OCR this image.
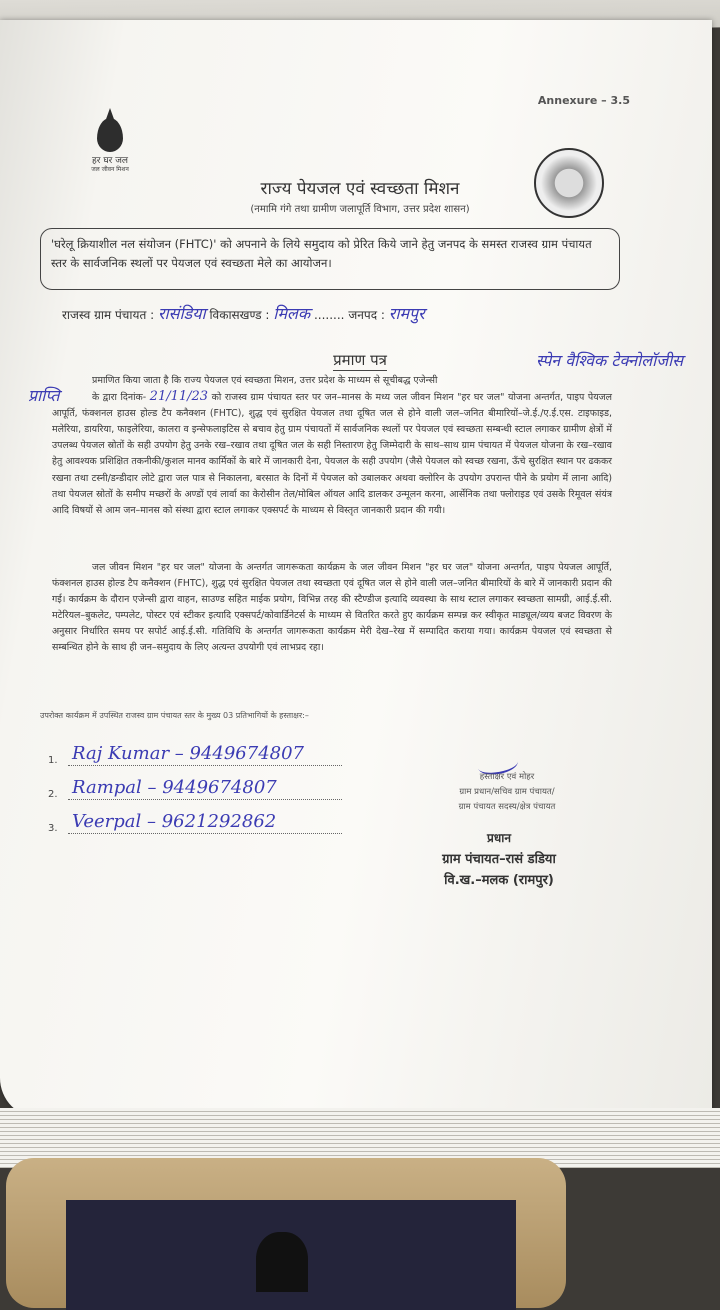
Annexure – 3.5
हर घर जल
जल जीवन मिशन
राज्य पेयजल एवं स्वच्छता मिशन
(नमामि गंगे तथा ग्रामीण जलापूर्ति विभाग, उत्तर प्रदेश शासन)
'घरेलू क्रियाशील नल संयोजन (FHTC)' को अपनाने के लिये समुदाय को प्रेरित किये जाने हेतु जनपद के समस्त राजस्व ग्राम पंचायत स्तर के सार्वजनिक स्थलों पर पेयजल एवं स्वच्छता मेले का आयोजन।
राजस्व ग्राम पंचायत : रासंडिया विकासखण्ड : मिलक ........ जनपद : रामपुर
प्रमाण पत्र	स्पेन वैश्विक टेक्नोलॉजीस
प्राप्ति
प्रमाणित किया जाता है कि राज्य पेयजल एवं स्वच्छता मिशन, उत्तर प्रदेश के माध्यम से सूचीबद्ध एजेन्सी
के द्वारा दिनांक- 21/11/23 को राजस्व ग्राम पंचायत स्तर पर जन–मानस के मध्य जल जीवन मिशन "हर घर जल" योजना अन्तर्गत, पाइप पेयजल आपूर्ति, फंक्शनल हाउस होल्ड टैप कनैक्शन (FHTC), शुद्ध एवं सुरक्षित पेयजल तथा दूषित जल से होने वाली जल–जनित बीमारियों–जे.ई./ए.ई.एस. टाइफाइड, मलेरिया, डायरिया, फाइलेरिया, कालरा व इन्सेफलाइटिस से बचाव हेतु ग्राम पंचायतों में सार्वजनिक स्थलों पर पेयजल एवं स्वच्छता सम्बन्धी स्टाल लगाकर ग्रामीण क्षेत्रों में उपलब्ध पेयजल स्रोतों के सही उपयोग हेतु उनके रख–रखाव तथा दूषित जल के सही निस्तारण हेतु जिम्मेदारी के साथ–साथ ग्राम पंचायत में पेयजल योजना के रख–रखाव हेतु आवश्यक प्रशिक्षित तकनीकी/कुशल मानव कार्मिकों के बारे में जानकारी देना, पेयजल के सही उपयोग (जैसे पेयजल को स्वच्छ रखना, ऊँचे सुरक्षित स्थान पर ढककर रखना तथा टस्नी/डन्डीदार लोटे द्वारा जल पात्र से निकालना, बरसात के दिनों में पेयजल को उबालकर अथवा क्लोरिन के उपयोग उपरान्त पीने के प्रयोग में लाना आदि) तथा पेयजल स्रोतों के समीप मच्छरों के अण्डों एवं लार्वा का केरोसीन तेल/मोबिल ऑयल आदि डालकर उन्मूलन करना, आर्सेनिक तथा फ्लोराइड एवं उसके रिमूवल संयंत्र आदि विषयों से आम जन–मानस को संस्था द्वारा स्टाल लगाकर एक्सपर्ट के माध्यम से विस्तृत जानकारी प्रदान की गयी।
जल जीवन मिशन "हर घर जल" योजना के अन्तर्गत जागरूकता कार्यक्रम के जल जीवन मिशन "हर घर जल" योजना अन्तर्गत, पाइप पेयजल आपूर्ति, फंक्शनल हाउस होल्ड टैप कनैक्शन (FHTC), शुद्ध एवं सुरक्षित पेयजल तथा स्वच्छता एवं दूषित जल से होने वाली जल–जनित बीमारियों के बारे में जानकारी प्रदान की गई। कार्यक्रम के दौरान एजेन्सी द्वारा वाहन, साउण्ड सहित माईक प्रयोग, विभिन्न तरह की स्टैण्डीज इत्यादि व्यवस्था के साथ स्टाल लगाकर स्वच्छता सामग्री, आई.ई.सी. मटेरियल–बुकलेट, पम्पलेट, पोस्टर एवं स्टीकर इत्यादि एक्सपर्ट/कोवार्डिनेटर्स के माध्यम से वितरित करते हुए कार्यक्रम सम्पन्न कर स्वीकृत माड्यूल/व्यय बजट विवरण के अनुसार निर्धारित समय पर सपोर्ट आई.ई.सी. गतिविधि के अन्तर्गत जागरूकता कार्यक्रम मेरी देख–रेख में सम्पादित कराया गया। कार्यक्रम पेयजल एवं स्वच्छता से सम्बन्धित होने के साथ ही जन–समुदाय के लिए अत्यन्त उपयोगी एवं लाभप्रद रहा।
उपरोक्त कार्यक्रम में उपस्थित राजस्व ग्राम पंचायत स्तर के मुख्य 03 प्रतिभागियों के हस्ताक्षर:–
1. Raj Kumar – 9449674807
2. Rampal – 9449674807
3. Veerpal – 9621292862
हस्ताक्षर एवं मोहर
ग्राम प्रधान/सचिव ग्राम पंचायत/
ग्राम पंचायत सदस्य/क्षेत्र पंचायत
प्रधान
ग्राम पंचायत–रासं डडिया
वि.ख.–मलक (रामपुर)
